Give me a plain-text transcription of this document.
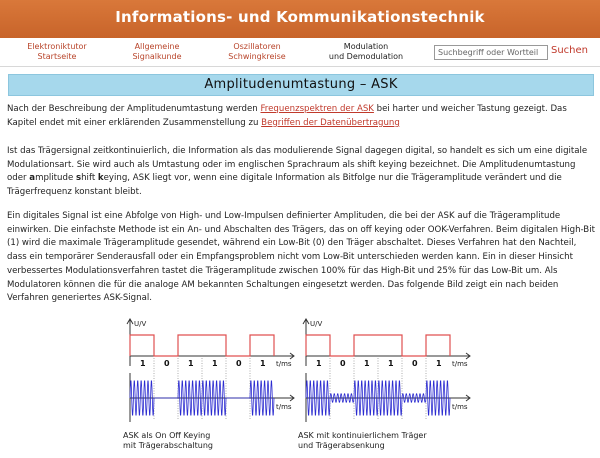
Informations- und Kommunikationstechnik
Elektroniktutor
Startseite
Allgemeine
Signalkunde
Oszillatoren
Schwingkreise
Modulation
und Demodulation
Suchbegriff oder Wortteil
Suchen
Amplitudenumtastung – ASK
Nach der Beschreibung der Amplitudenumtastung werden Frequenzspektren der ASK bei harter und weicher Tastung gezeigt. Das Kapitel endet mit einer erklärenden Zusammenstellung zu Begriffen der Datenübertragung
Ist das Trägersignal zeitkontinuierlich, die Information als das modulierende Signal dagegen digital, so handelt es sich um eine digitale Modulationsart. Sie wird auch als Umtastung oder im englischen Sprachraum als shift keying bezeichnet. Die Amplitudenumtastung oder amplitude shift keying, ASK liegt vor, wenn eine digitale Information als Bitfolge nur die Trägeramplitude verändert und die Trägerfrequenz konstant bleibt.
Ein digitales Signal ist eine Abfolge von High- und Low-Impulsen definierter Amplituden, die bei der ASK auf die Trägeramplitude einwirken. Die einfachste Methode ist ein An- und Abschalten des Trägers, das on off keying oder OOK-Verfahren. Beim digitalen High-Bit (1) wird die maximale Trägeramplitude gesendet, während ein Low-Bit (0) den Träger abschaltet. Dieses Verfahren hat den Nachteil, dass ein temporärer Senderausfall oder ein Empfangsproblem nicht vom Low-Bit unterschieden werden kann. Ein in dieser Hinsicht verbessertes Modulationsverfahren tastet die Trägeramplitude zwischen 100% für das High-Bit und 25% für das Low-Bit um. Als Modulatoren können die für die analoge AM bekannten Schaltungen eingesetzt werden. Das folgende Bild zeigt ein nach beiden Verfahren generiertes ASK-Signal.
U/V
t/ms
1 0 1 1 0 1
t/ms
ASK als On Off Keying
mit Trägerabschaltung
U/V
t/ms
1 0 1 1 0 1
t/ms
ASK mit kontinuierlichem Träger
und Trägerabsenkung
